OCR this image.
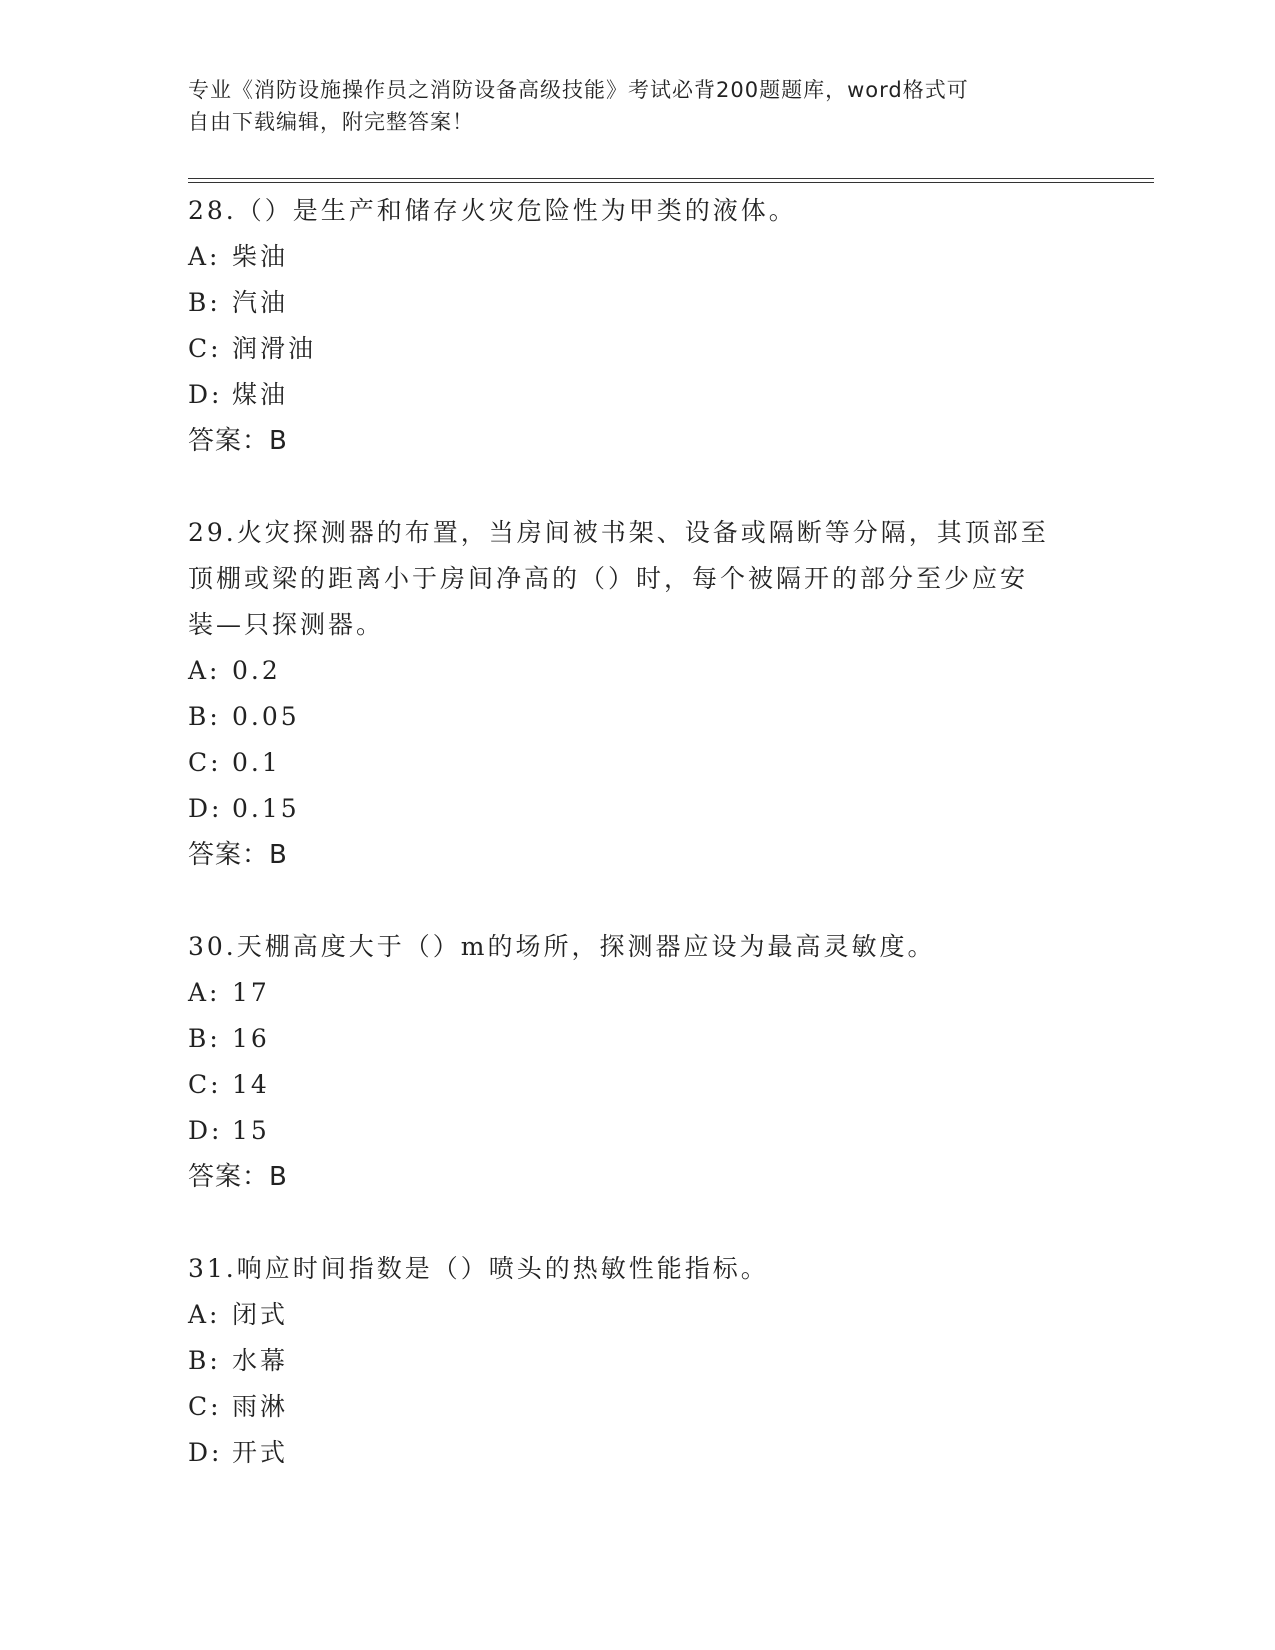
专业《消防设施操作员之消防设备高级技能》考试必背200题题库，word格式可
自由下载编辑，附完整答案！
28.（）是生产和储存火灾危险性为甲类的液体。
A: 柴油
B: 汽油
C: 润滑油
D: 煤油
答案：B
29.火灾探测器的布置，当房间被书架、设备或隔断等分隔，其顶部至
顶棚或梁的距离小于房间净高的（）时，每个被隔开的部分至少应安
装—只探测器。
A: 0.2
B: 0.05
C: 0.1
D: 0.15
答案：B
30.天棚高度大于（）m的场所，探测器应设为最高灵敏度。
A: 17
B: 16
C: 14
D: 15
答案：B
31.响应时间指数是（）喷头的热敏性能指标。
A: 闭式
B: 水幕
C: 雨淋
D: 开式
